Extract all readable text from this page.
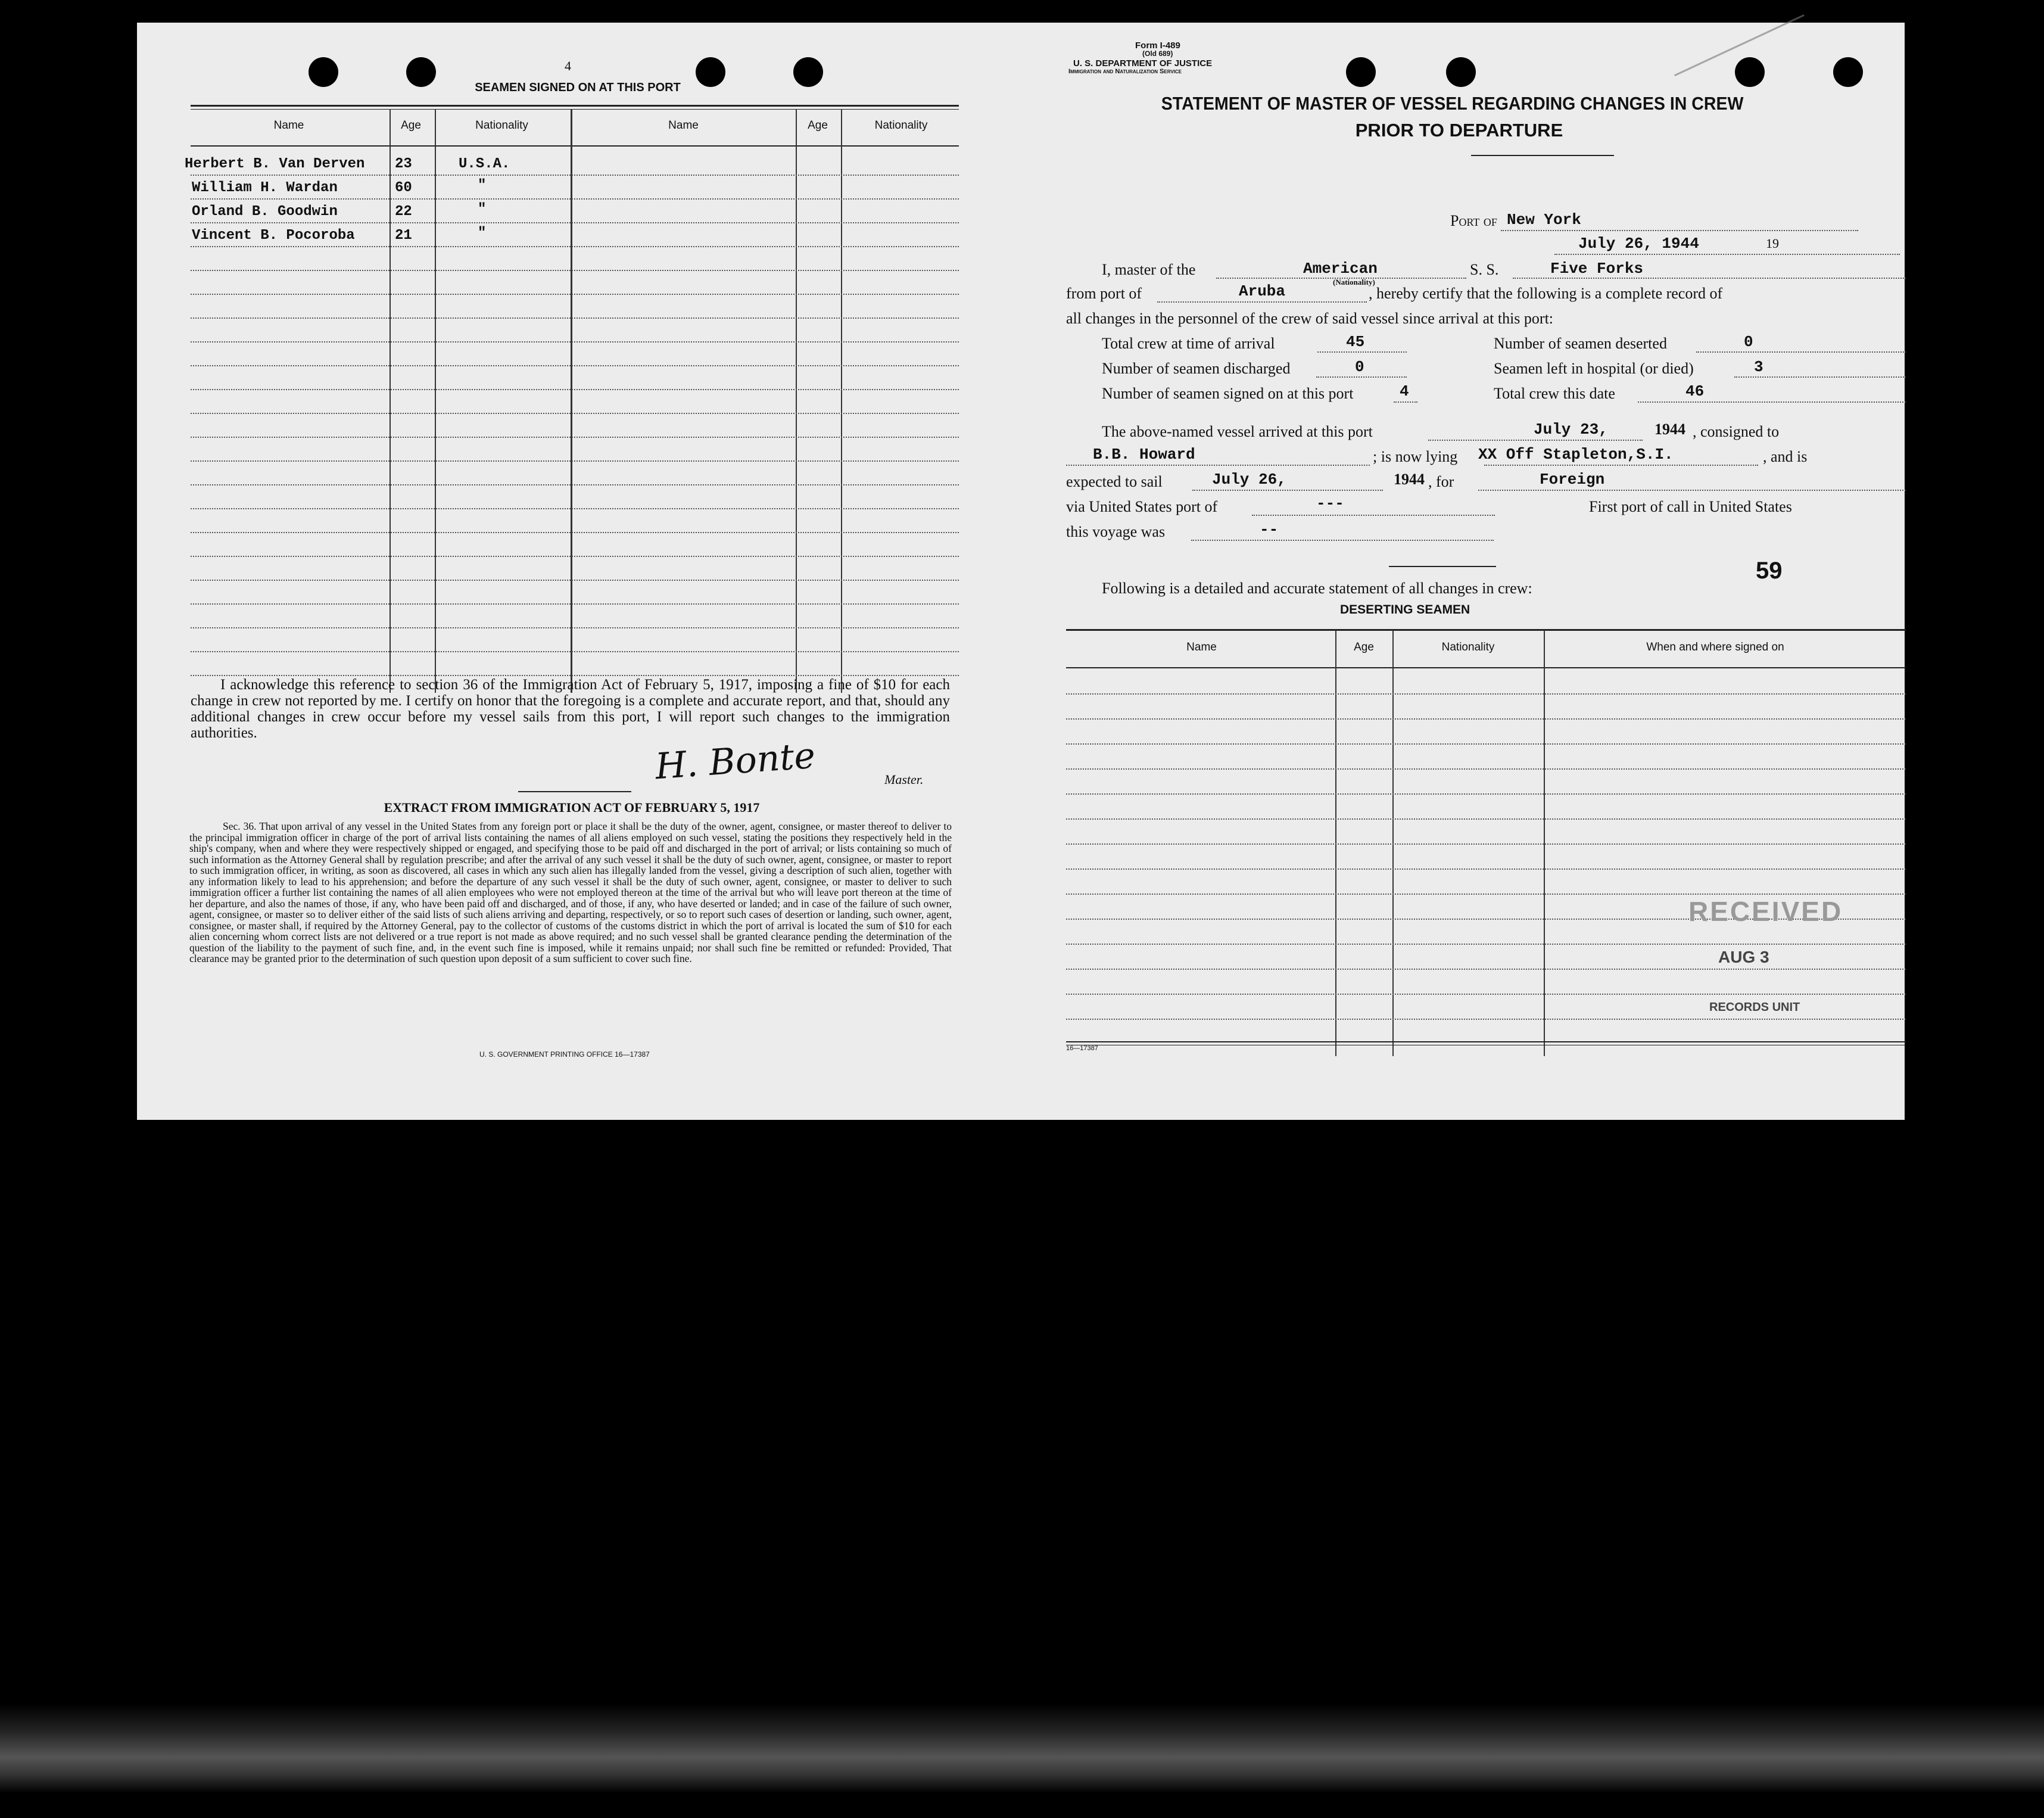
4
SEAMEN SIGNED ON AT THIS PORT
Name	Age	Nationality	Name	Age	Nationality
Herbert B. Van Derven 23	U.S.A.
William H. Wardan	60	"
Orland B. Goodwin	22	"
Vincent B. Pocoroba	21	"
I acknowledge this reference to section 36 of the Immigration Act of February 5, 1917, imposing a fine of $10 for each change in crew not reported by me. I certify on honor that the foregoing is a complete and accurate report, and that, should any additional changes in crew occur before my vessel sails from this port, I will report such changes to the immigration authorities.
H. Bonte	Master.
EXTRACT FROM IMMIGRATION ACT OF FEBRUARY 5, 1917
Sec. 36. That upon arrival of any vessel in the United States from any foreign port or place it shall be the duty of the owner, agent, consignee, or master thereof to deliver to the principal immigration officer in charge of the port of arrival lists containing the names of all aliens employed on such vessel, stating the positions they respectively held in the ship's company, when and where they were respectively shipped or engaged, and specifying those to be paid off and discharged in the port of arrival; or lists containing so much of such information as the Attorney General shall by regulation prescribe; and after the arrival of any such vessel it shall be the duty of such owner, agent, consignee, or master to report to such immigration officer, in writing, as soon as discovered, all cases in which any such alien has illegally landed from the vessel, giving a description of such alien, together with any information likely to lead to his apprehension; and before the departure of any such vessel it shall be the duty of such owner, agent, consignee, or master to deliver to such immigration officer a further list containing the names of all alien employees who were not employed thereon at the time of the arrival but who will leave port thereon at the time of her departure, and also the names of those, if any, who have been paid off and discharged, and of those, if any, who have deserted or landed; and in case of the failure of such owner, agent, consignee, or master so to deliver either of the said lists of such aliens arriving and departing, respectively, or so to report such cases of desertion or landing, such owner, agent, consignee, or master shall, if required by the Attorney General, pay to the collector of customs of the customs district in which the port of arrival is located the sum of $10 for each alien concerning whom correct lists are not delivered or a true report is not made as above required; and no such vessel shall be granted clearance pending the determination of the question of the liability to the payment of such fine, and, in the event such fine is imposed, while it remains unpaid; nor shall such fine be remitted or refunded: Provided, That clearance may be granted prior to the determination of such question upon deposit of a sum sufficient to cover such fine.
U. S. GOVERNMENT PRINTING OFFICE 16—17387
Form I-489
(Old 689)
U. S. DEPARTMENT OF JUSTICE
Immigration and Naturalization Service
STATEMENT OF MASTER OF VESSEL REGARDING CHANGES IN CREW
PRIOR TO DEPARTURE
Port of New York
July 26, 1944	19
I, master of the	American
(Nationality)
S. S.	Five Forks
from port of	Aruba	, hereby certify that the following is a complete record of
all changes in the personnel of the crew of said vessel since arrival at this port:
Total crew at time of arrival	45
Number of seamen discharged	0
Number of seamen signed on at this port	4
Number of seamen deserted	0
Seamen left in hospital (or died)	3
Total crew this date	46
The above-named vessel arrived at this port	July 23,	1944 , consigned to
B.B. Howard	; is now lying XX Off Stapleton,S.I.	, and is
expected to sail	July 26,	1944 , for	Foreign
via United States port of	---	First port of call in United States
this voyage was	--
59
Following is a detailed and accurate statement of all changes in crew:
DESERTING SEAMEN
Name	Age	Nationality	When and where signed on
RECEIVED
AUG 3
RECORDS UNIT
16—17387
